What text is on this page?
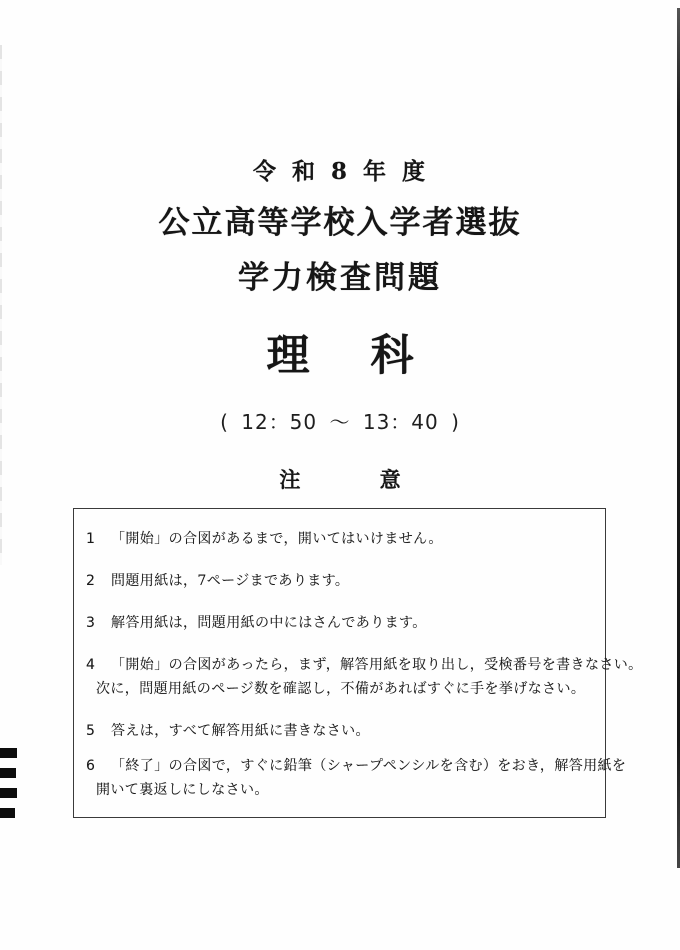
令 和 8 年 度
公立高等学校入学者選抜
学力検査問題
理 科
( 12：50 ～ 13：40 )
注 意
1	「開始」の合図があるまで，開いてはいけません。
2	問題用紙は，7ページまであります。
3	解答用紙は，問題用紙の中にはさんであります。
4	「開始」の合図があったら，まず，解答用紙を取り出し，受検番号を書きなさい。
次に，問題用紙のページ数を確認し，不備があればすぐに手を挙げなさい。
5	答えは，すべて解答用紙に書きなさい。
6	「終了」の合図で，すぐに鉛筆（シャープペンシルを含む）をおき，解答用紙を
開いて裏返しにしなさい。
